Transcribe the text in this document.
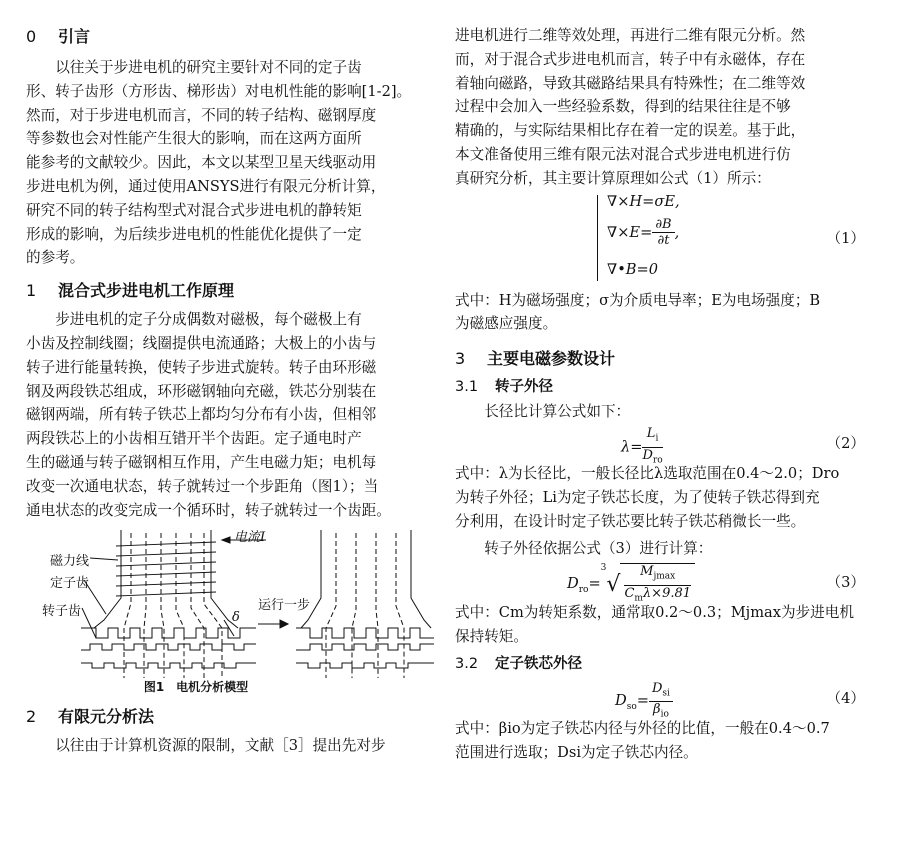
0 引言
以往关于步进电机的研究主要针对不同的定子齿
形、转子齿形（方形齿、梯形齿）对电机性能的影响[1-2]。
然而，对于步进电机而言，不同的转子结构、磁钢厚度
等参数也会对性能产生很大的影响，而在这两方面所
能参考的文献较少。因此，本文以某型卫星天线驱动用
步进电机为例，通过使用ANSYS进行有限元分析计算，
研究不同的转子结构型式对混合式步进电机的静转矩
形成的影响，为后续步进电机的性能优化提供了一定
的参考。
1 混合式步进电机工作原理
步进电机的定子分成偶数对磁极，每个磁极上有
小齿及控制线圈；线圈提供电流通路；大极上的小齿与
转子进行能量转换，使转子步进式旋转。转子由环形磁
钢及两段铁芯组成，环形磁钢轴向充磁，铁芯分别装在
磁钢两端，所有转子铁芯上都均匀分布有小齿，但相邻
两段铁芯上的小齿相互错开半个齿距。定子通电时产
生的磁通与转子磁钢相互作用，产生电磁力矩；电机每
改变一次通电状态，转子就转过一个步距角（图1）；当
通电状态的改变完成一个循环时，转子就转过一个齿距。
电流I
磁力线
定子齿
转子齿	δ
运行一步
图1　电机分析模型
2 有限元分析法
以往由于计算机资源的限制，文献［3］提出先对步
进电机进行二维等效处理，再进行二维有限元分析。然
而，对于混合式步进电机而言，转子中有永磁体，存在
着轴向磁路，导致其磁路结果具有特殊性；在二维等效
过程中会加入一些经验系数，得到的结果往往是不够
精确的，与实际结果相比存在着一定的误差。基于此，
本文准备使用三维有限元法对混合式步进电机进行仿
真研究分析，其主要计算原理如公式（1）所示：
∇×H=σE,
$\nabla\times E= \frac{\partial B}{\partial t}$ ,
∇•B=0
（1）
式中：H为磁场强度；σ为介质电导率；E为电场强度；B
为磁感应强度。
3 主要电磁参数设计
3.1 转子外径
长径比计算公式如下：
$\lambda= \frac{L_i}{D_{ro}}$	（2）
式中：λ为长径比，一般长径比λ选取范围在0.4～2.0；Dro
为转子外径；Li为定子铁芯长度，为了使转子铁芯得到充
分利用，在设计时定子铁芯要比转子铁芯稍微长一些。
转子外径依据公式（3）进行计算：
$D_{ro}=^3√ \frac{M_{jmax}}{C_m\lambda\times 9.81}$	（3）
式中：Cm为转矩系数，通常取0.2～0.3；Mjmax为步进电机
保持转矩。
3.2 定子铁芯外径
$D_{so}= \frac{D_{si}}{\beta_{io}}$	（4）
式中：βio为定子铁芯内径与外径的比值，一般在0.4～0.7
范围进行选取；Dsi为定子铁芯内径。
